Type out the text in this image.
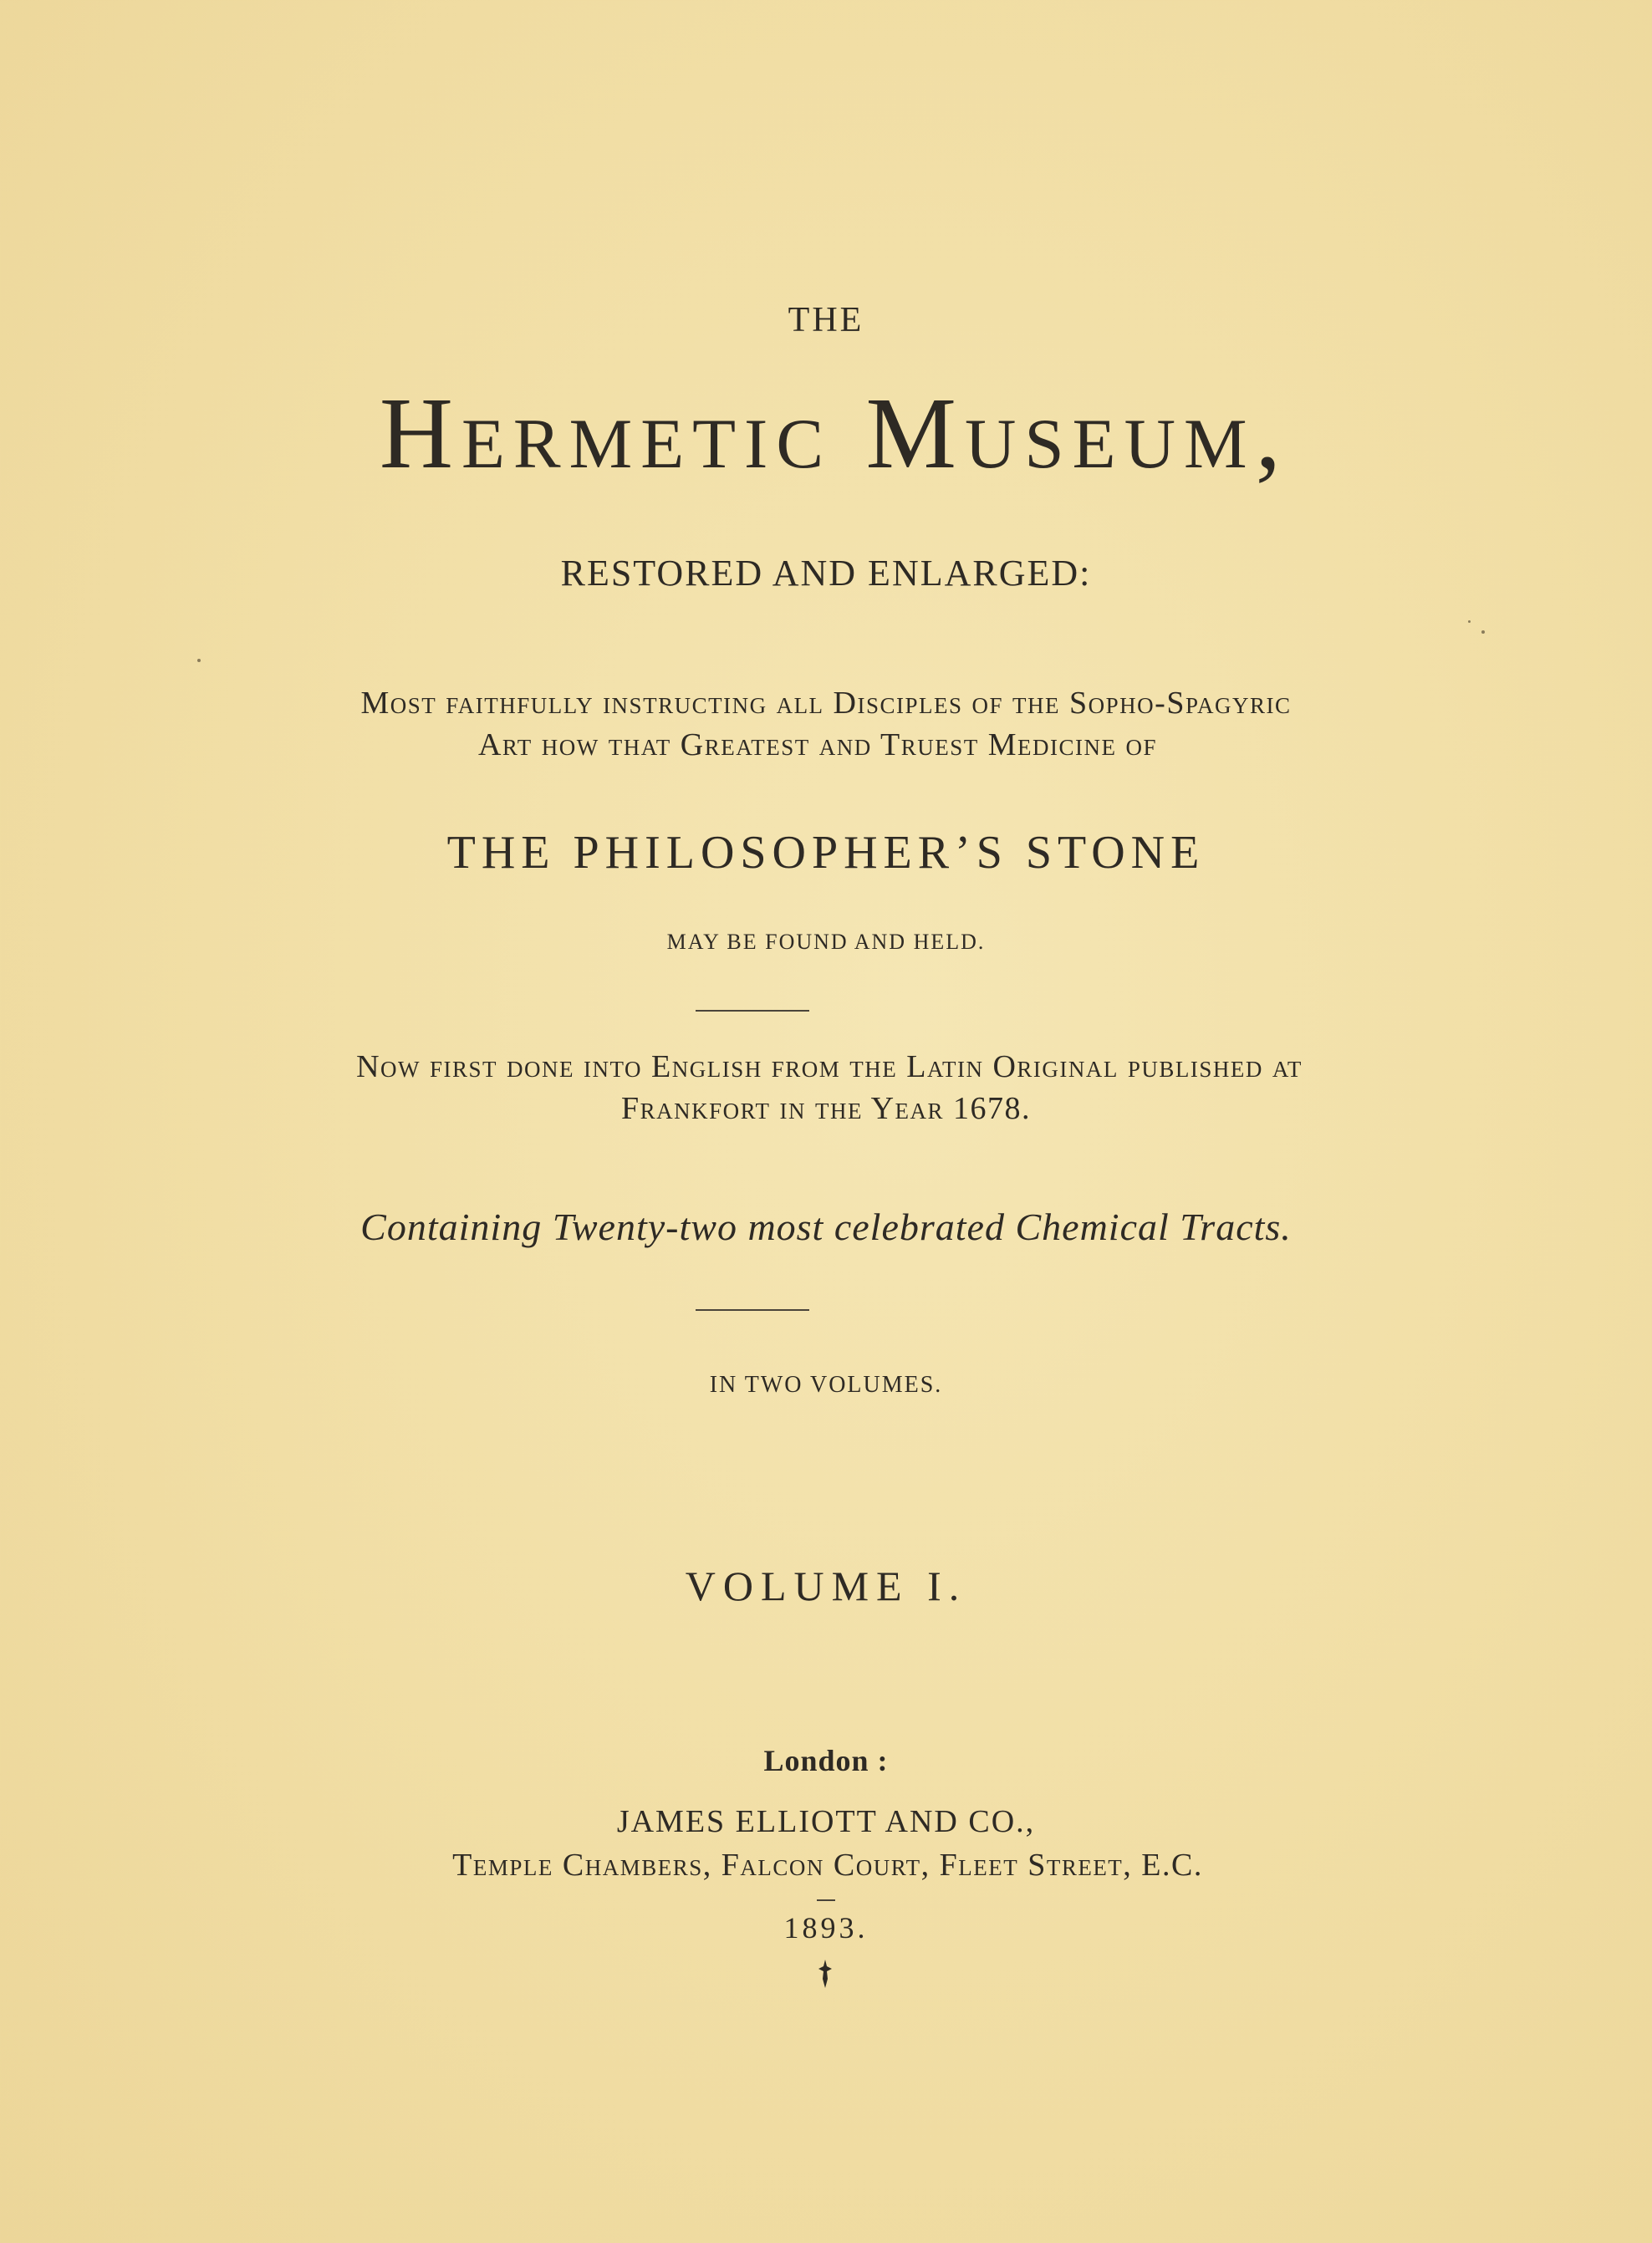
THE
Hermetic Museum,
RESTORED AND ENLARGED:
Most faithfully instructing all Disciples of the Sopho-Spagyric
Art how that Greatest and Truest Medicine of
THE PHILOSOPHER’S STONE
MAY BE FOUND AND HELD.
Now first done into English from the Latin Original published at
Frankfort in the Year 1678.
Containing Twenty-two most celebrated Chemical Tracts.
IN TWO VOLUMES.
VOLUME I.
London :
JAMES ELLIOTT AND CO.,
Temple Chambers, Falcon Court, Fleet Street, E.C.
1893.
